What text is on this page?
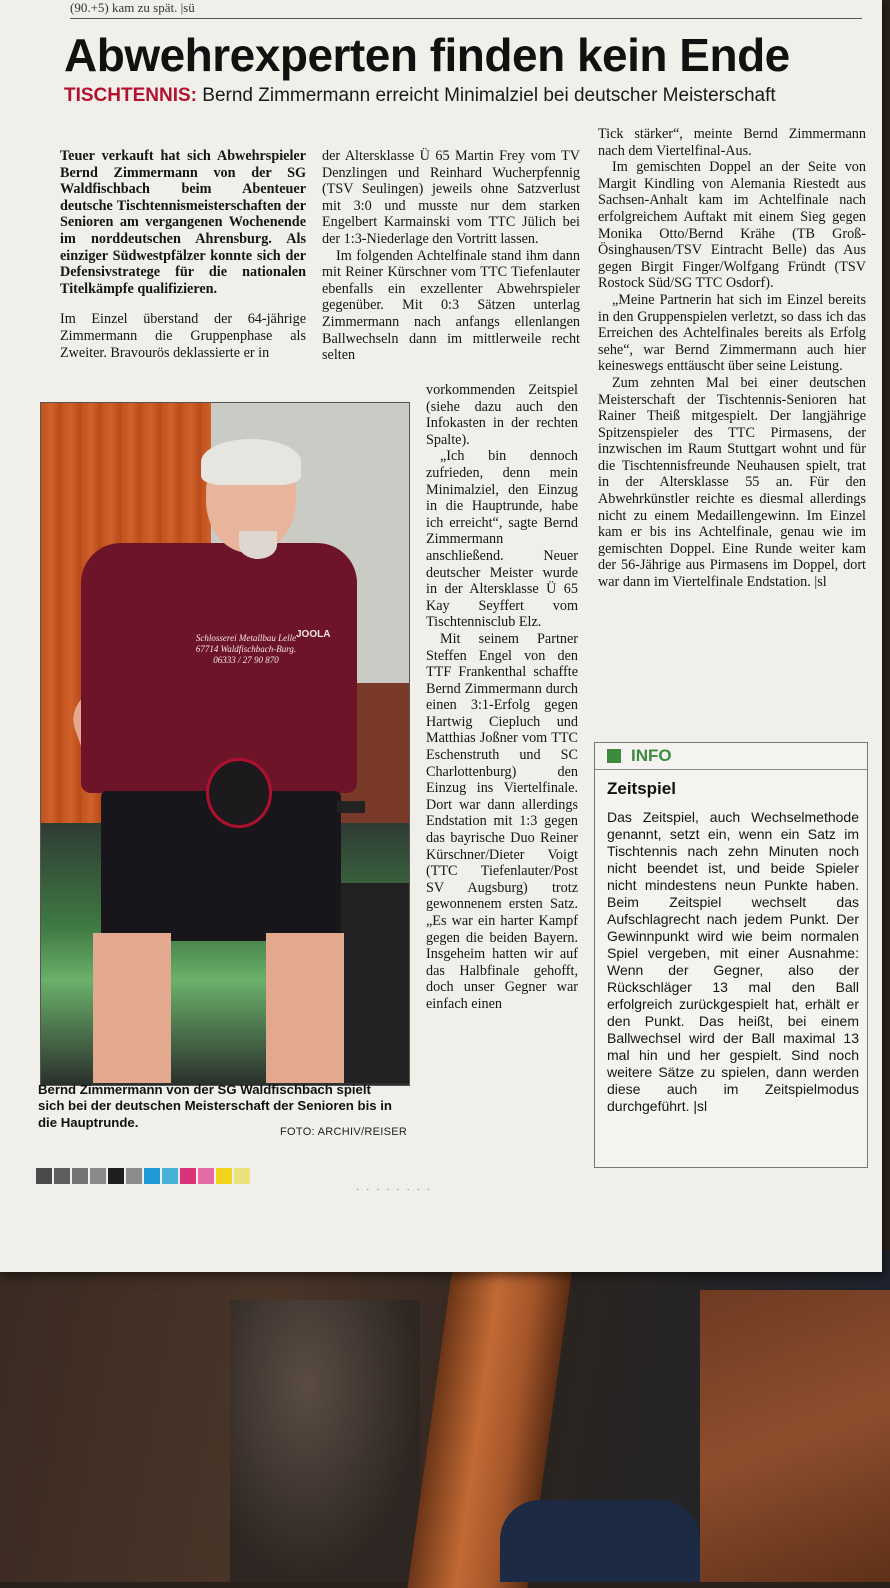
(90.+5) kam zu spät. |sü
Abwehrexperten finden kein Ende
TISCHTENNIS: Bernd Zimmermann erreicht Minimalziel bei deutscher Meisterschaft

Teuer verkauft hat sich Abwehrspieler Bernd Zimmermann von der SG Waldfischbach beim Abenteuer deutsche Tischtennismeisterschaften der Senioren am vergangenen Wochenende im norddeutschen Ahrensburg. Als einziger Südwestpfälzer konnte sich der Defensivstratege für die nationalen Titelkämpfe qualifizieren.

Im Einzel überstand der 64-jährige Zimmermann die Gruppenphase als Zweiter. Bravourös deklassierte er in

der Altersklasse Ü 65 Martin Frey vom TV Denzlingen und Reinhard Wucherpfennig (TSV Seulingen) jeweils ohne Satzverlust mit 3:0 und musste nur dem starken Engelbert Karmainski vom TTC Jülich bei der 1:3-Niederlage den Vortritt lassen.

Im folgenden Achtelfinale stand ihm dann mit Reiner Kürschner vom TTC Tiefenlauter ebenfalls ein exzellenter Abwehrspieler gegenüber. Mit 0:3 Sätzen unterlag Zimmermann nach anfangs ellenlangen Ballwechseln dann im mittlerweile recht selten

vorkommenden Zeitspiel (siehe dazu auch den Infokasten in der rechten Spalte).

„Ich bin dennoch zufrieden, denn mein Minimalziel, den Einzug in die Hauptrunde, habe ich erreicht“, sagte Bernd Zimmermann anschließend. Neuer deutscher Meister wurde in der Altersklasse Ü 65 Kay Seyffert vom Tischtennisclub Elz.

Mit seinem Partner Steffen Engel von den TTF Frankenthal schaffte Bernd Zimmermann durch einen 3:1-Erfolg gegen Hartwig Ciepluch und Matthias Joßner vom TTC Eschenstruth und SC Charlottenburg) den Einzug ins Viertelfinale. Dort war dann allerdings Endstation mit 1:3 gegen das bayrische Duo Reiner Kürschner/Dieter Voigt (TTC Tiefenlauter/Post SV Augsburg) trotz gewonnenem ersten Satz. „Es war ein harter Kampf gegen die beiden Bayern. Insgeheim hatten wir auf das Halbfinale gehofft, doch unser Gegner war einfach einen

Tick stärker“, meinte Bernd Zimmermann nach dem Viertelfinal-Aus.

Im gemischten Doppel an der Seite von Margit Kindling von Alemania Riestedt aus Sachsen-Anhalt kam im Achtelfinale nach erfolgreichem Auftakt mit einem Sieg gegen Monika Otto/Bernd Krähe (TB Groß-Ösinghausen/TSV Eintracht Belle) das Aus gegen Birgit Finger/Wolfgang Fründt (TSV Rostock Süd/SG TTC Osdorf).

„Meine Partnerin hat sich im Einzel bereits in den Gruppenspielen verletzt, so dass ich das Erreichen des Achtelfinales bereits als Erfolg sehe“, war Bernd Zimmermann auch hier keineswegs enttäuscht über seine Leistung.

Zum zehnten Mal bei einer deutschen Meisterschaft der Tischtennis-Senioren hat Rainer Theiß mitgespielt. Der langjährige Spitzenspieler des TTC Pirmasens, der inzwischen im Raum Stuttgart wohnt und für die Tischtennisfreunde Neuhausen spielt, trat in der Altersklasse 55 an. Für den Abwehrkünstler reichte es diesmal allerdings nicht zu einem Medaillengewinn. Im Einzel kam er bis ins Achtelfinale, genau wie im gemischten Doppel. Eine Runde weiter kam der 56-Jährige aus Pirmasens im Doppel, dort war dann im Viertelfinale Endstation. |sl

Schlosserei Metallbau Lelle 67714 Waldfischbach-Burg. 06333 / 27 90 870
JOOLA
Bernd Zimmermann von der SG Waldfischbach spielt sich bei der deutschen Meisterschaft der Senioren bis in die Hauptrunde.
FOTO: ARCHIV/REISER
INFO
Zeitspiel
Das Zeitspiel, auch Wechselmethode genannt, setzt ein, wenn ein Satz im Tischtennis nach zehn Minuten noch nicht beendet ist, und beide Spieler nicht mindestens neun Punkte haben. Beim Zeitspiel wechselt das Aufschlagrecht nach jedem Punkt. Der Gewinnpunkt wird wie beim normalen Spiel vergeben, mit einer Ausnahme: Wenn der Gegner, also der Rückschläger 13 mal den Ball erfolgreich zurückgespielt hat, erhält er den Punkt. Das heißt, bei einem Ballwechsel wird der Ball maximal 13 mal hin und her gespielt. Sind noch weitere Sätze zu spielen, dann werden diese auch im Zeitspielmodus durchgeführt. |sl
· · · · · · · ·
